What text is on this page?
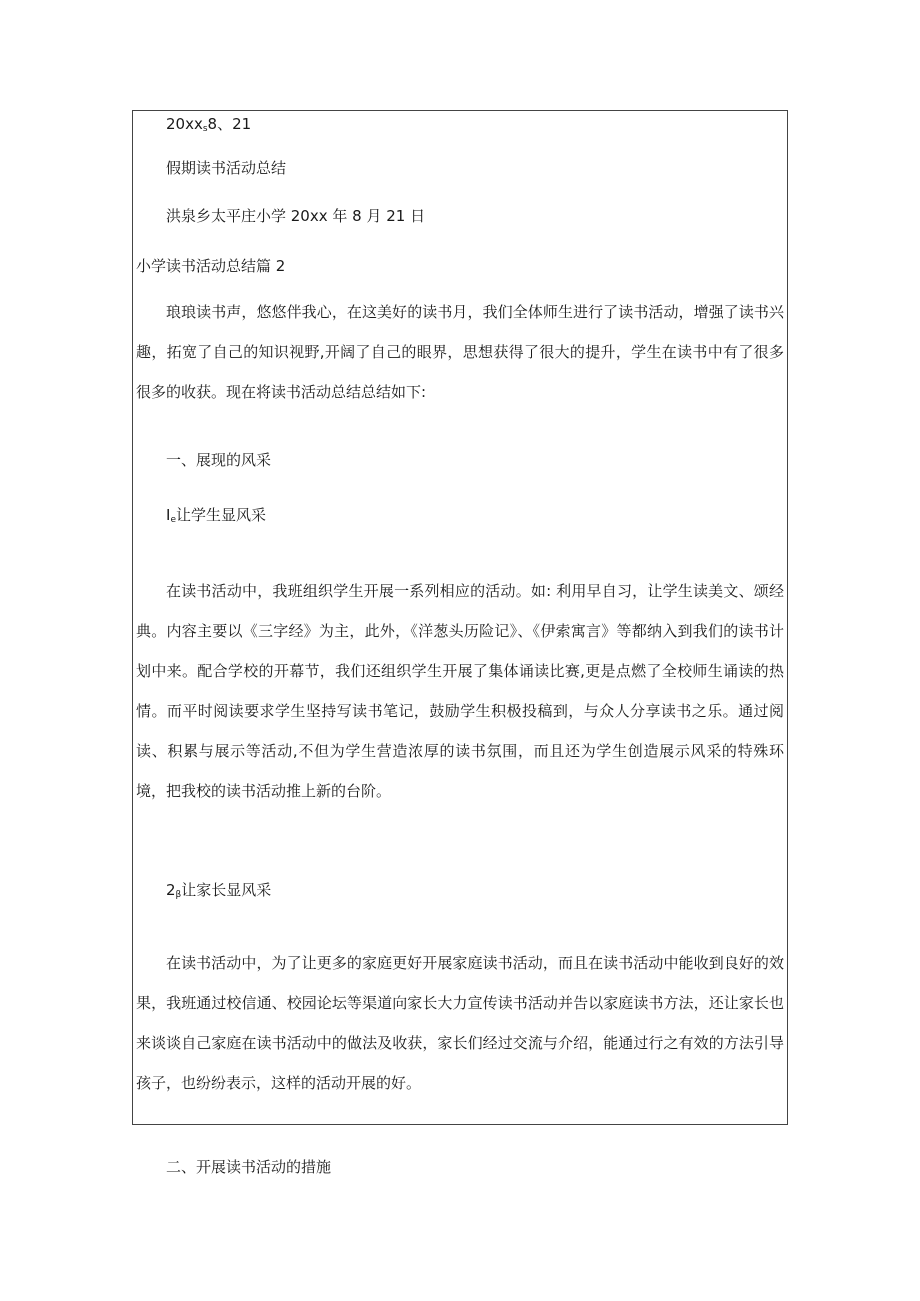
$20xx_s8$、21
假期读书活动总结
洪泉乡太平庄小学 20xx 年 8 月 21 日
小学读书活动总结篇 2

琅琅读书声，悠悠伴我心，在这美好的读书月，我们全体师生进行了读书活动，增强了读书兴趣，拓宽了自己的知识视野,开阔了自己的眼界，思想获得了很大的提升，学生在读书中有了很多很多的收获。现在将读书活动总结总结如下:

一、展现的风采
$I_e$让学生显风采

在读书活动中，我班组织学生开展一系列相应的活动。如: 利用早自习，让学生读美文、颂经典。内容主要以《三字经》为主，此外，《洋葱头历险记》、《伊索寓言》等都纳入到我们的读书计划中来。配合学校的开幕节，我们还组织学生开展了集体诵读比赛,更是点燃了全校师生诵读的热情。而平时阅读要求学生坚持写读书笔记，鼓励学生积极投稿到，与众人分享读书之乐。通过阅读、积累与展示等活动,不但为学生营造浓厚的读书氛围，而且还为学生创造展示风采的特殊环境，把我校的读书活动推上新的台阶。

$2_\beta$让家长显风采

在读书活动中，为了让更多的家庭更好开展家庭读书活动，而且在读书活动中能收到良好的效果，我班通过校信通、校园论坛等渠道向家长大力宣传读书活动并告以家庭读书方法，还让家长也来谈谈自己家庭在读书活动中的做法及收获，家长们经过交流与介绍，能通过行之有效的方法引导孩子，也纷纷表示，这样的活动开展的好。

二、开展读书活动的措施
